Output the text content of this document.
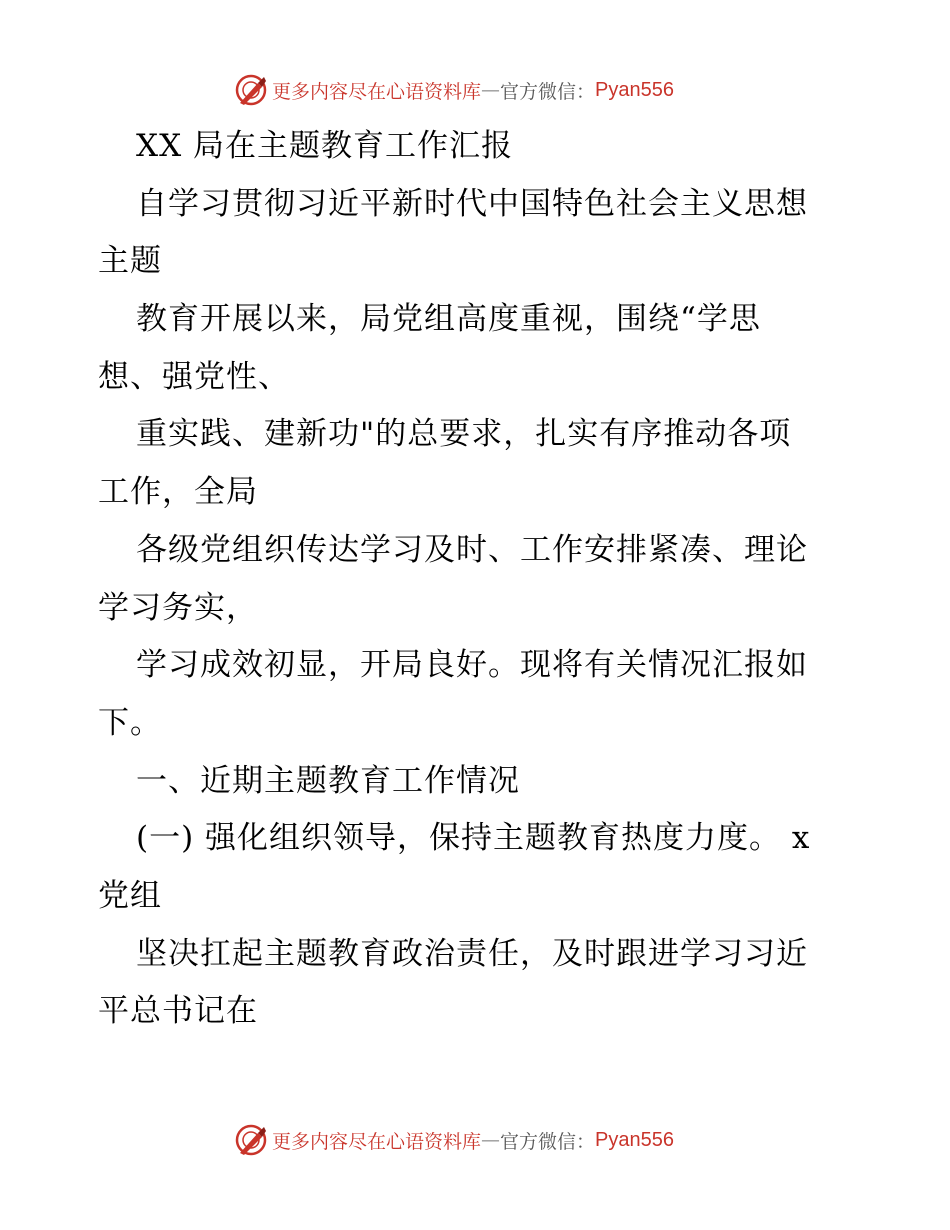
更多内容尽在心语资料库 — 官方微信： Pyan556
XX 局在主题教育工作汇报
自学习贯彻习近平新时代中国特色社会主义思想
主题
教育开展以来，局党组高度重视，围绕“学思
想、强党性、
重实践、建新功"的总要求，扎实有序推动各项
工作，全局
各级党组织传达学习及时、工作安排紧凑、理论
学习务实，
学习成效初显，开局良好。现将有关情况汇报如
下。
一、近期主题教育工作情况
(一) 强化组织领导，保持主题教育热度力度。 x
党组
坚决扛起主题教育政治责任，及时跟进学习习近
平总书记在
更多内容尽在心语资料库 — 官方微信： Pyan556
